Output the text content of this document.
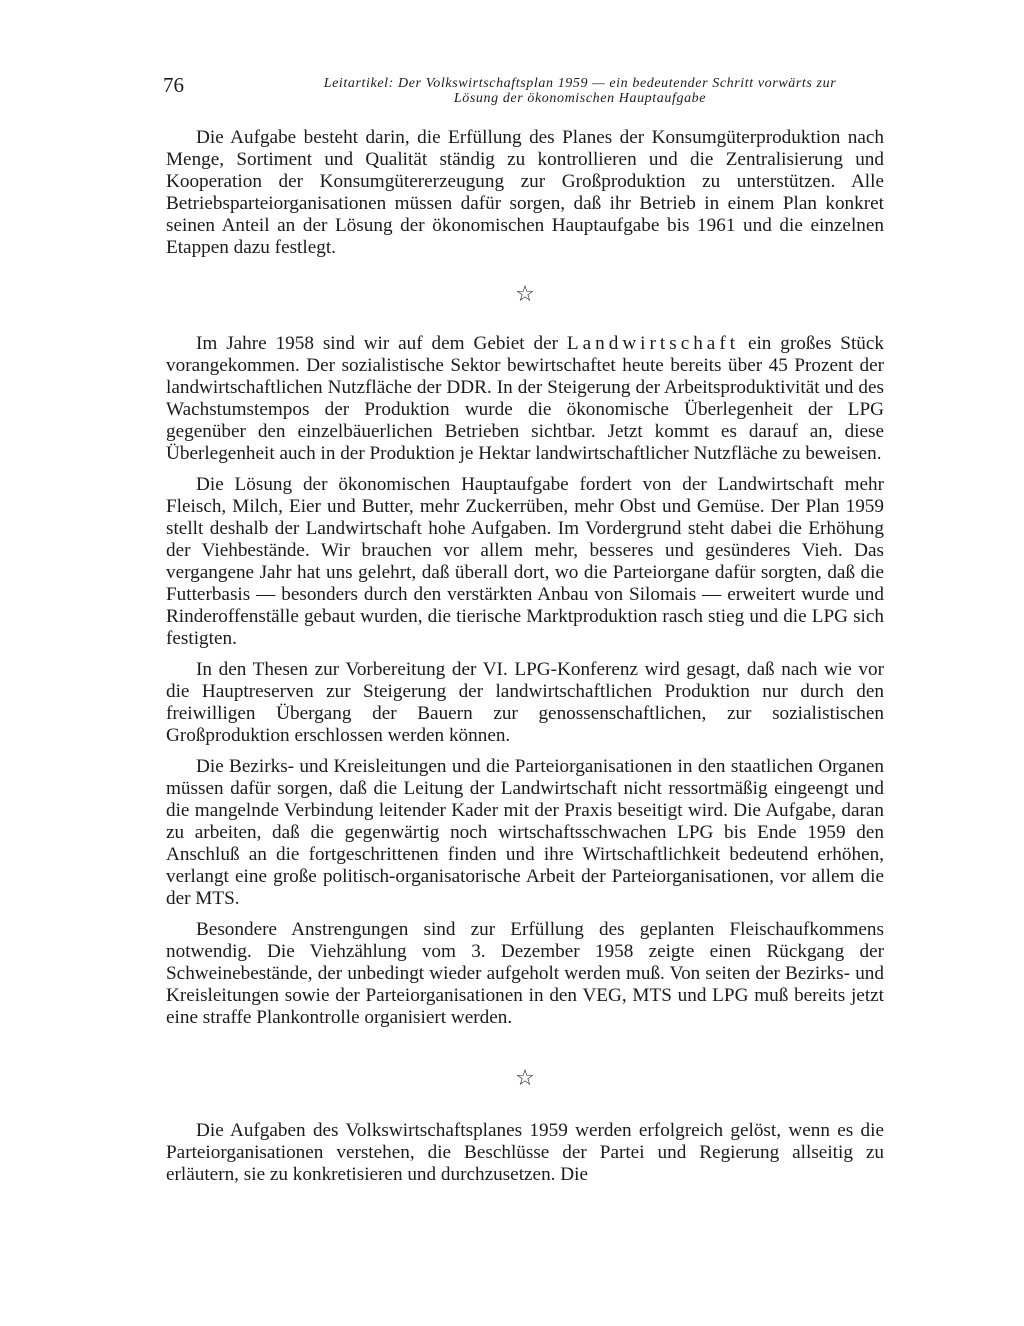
76	Leitartikel: Der Volkswirtschaftsplan 1959 — ein bedeutender Schritt vorwärts zur
Lösung der ökonomischen Hauptaufgabe

Die Aufgabe besteht darin, die Erfüllung des Planes der Konsumgüterproduktion nach Menge, Sortiment und Qualität ständig zu kontrollieren und die Zentralisierung und Kooperation der Konsumgütererzeugung zur Großproduktion zu unterstützen. Alle Betriebsparteiorganisationen müssen dafür sorgen, daß ihr Betrieb in einem Plan konkret seinen Anteil an der Lösung der ökonomischen Hauptaufgabe bis 1961 und die einzelnen Etappen dazu festlegt.

☆

Im Jahre 1958 sind wir auf dem Gebiet der Landwirtschaft ein großes Stück vorangekommen. Der sozialistische Sektor bewirtschaftet heute bereits über 45 Prozent der landwirtschaftlichen Nutzfläche der DDR. In der Steigerung der Arbeitsproduktivität und des Wachstumstempos der Produktion wurde die ökonomische Überlegenheit der LPG gegenüber den einzelbäuerlichen Betrieben sichtbar. Jetzt kommt es darauf an, diese Überlegenheit auch in der Produktion je Hektar landwirtschaftlicher Nutzfläche zu beweisen.

Die Lösung der ökonomischen Hauptaufgabe fordert von der Landwirtschaft mehr Fleisch, Milch, Eier und Butter, mehr Zuckerrüben, mehr Obst und Gemüse. Der Plan 1959 stellt deshalb der Landwirtschaft hohe Aufgaben. Im Vordergrund steht dabei die Erhöhung der Viehbestände. Wir brauchen vor allem mehr, besseres und gesünderes Vieh. Das vergangene Jahr hat uns gelehrt, daß überall dort, wo die Parteiorgane dafür sorgten, daß die Futterbasis — besonders durch den verstärkten Anbau von Silomais — erweitert wurde und Rinderoffenställe gebaut wurden, die tierische Marktproduktion rasch stieg und die LPG sich festigten.

In den Thesen zur Vorbereitung der VI. LPG-Konferenz wird gesagt, daß nach wie vor die Hauptreserven zur Steigerung der landwirtschaftlichen Produktion nur durch den freiwilligen Übergang der Bauern zur genossenschaftlichen, zur sozialistischen Großproduktion erschlossen werden können.

Die Bezirks- und Kreisleitungen und die Parteiorganisationen in den staatlichen Organen müssen dafür sorgen, daß die Leitung der Landwirtschaft nicht ressortmäßig eingeengt und die mangelnde Verbindung leitender Kader mit der Praxis beseitigt wird. Die Aufgabe, daran zu arbeiten, daß die gegenwärtig noch wirtschaftsschwachen LPG bis Ende 1959 den Anschluß an die fortgeschrittenen finden und ihre Wirtschaftlichkeit bedeutend erhöhen, verlangt eine große politisch-organisatorische Arbeit der Parteiorganisationen, vor allem die der MTS.

Besondere Anstrengungen sind zur Erfüllung des geplanten Fleischaufkommens notwendig. Die Viehzählung vom 3. Dezember 1958 zeigte einen Rückgang der Schweinebestände, der unbedingt wieder aufgeholt werden muß. Von seiten der Bezirks- und Kreisleitungen sowie der Parteiorganisationen in den VEG, MTS und LPG muß bereits jetzt eine straffe Plankontrolle organisiert werden.

☆

Die Aufgaben des Volkswirtschaftsplanes 1959 werden erfolgreich gelöst, wenn es die Parteiorganisationen verstehen, die Beschlüsse der Partei und Regierung allseitig zu erläutern, sie zu konkretisieren und durchzusetzen. Die
